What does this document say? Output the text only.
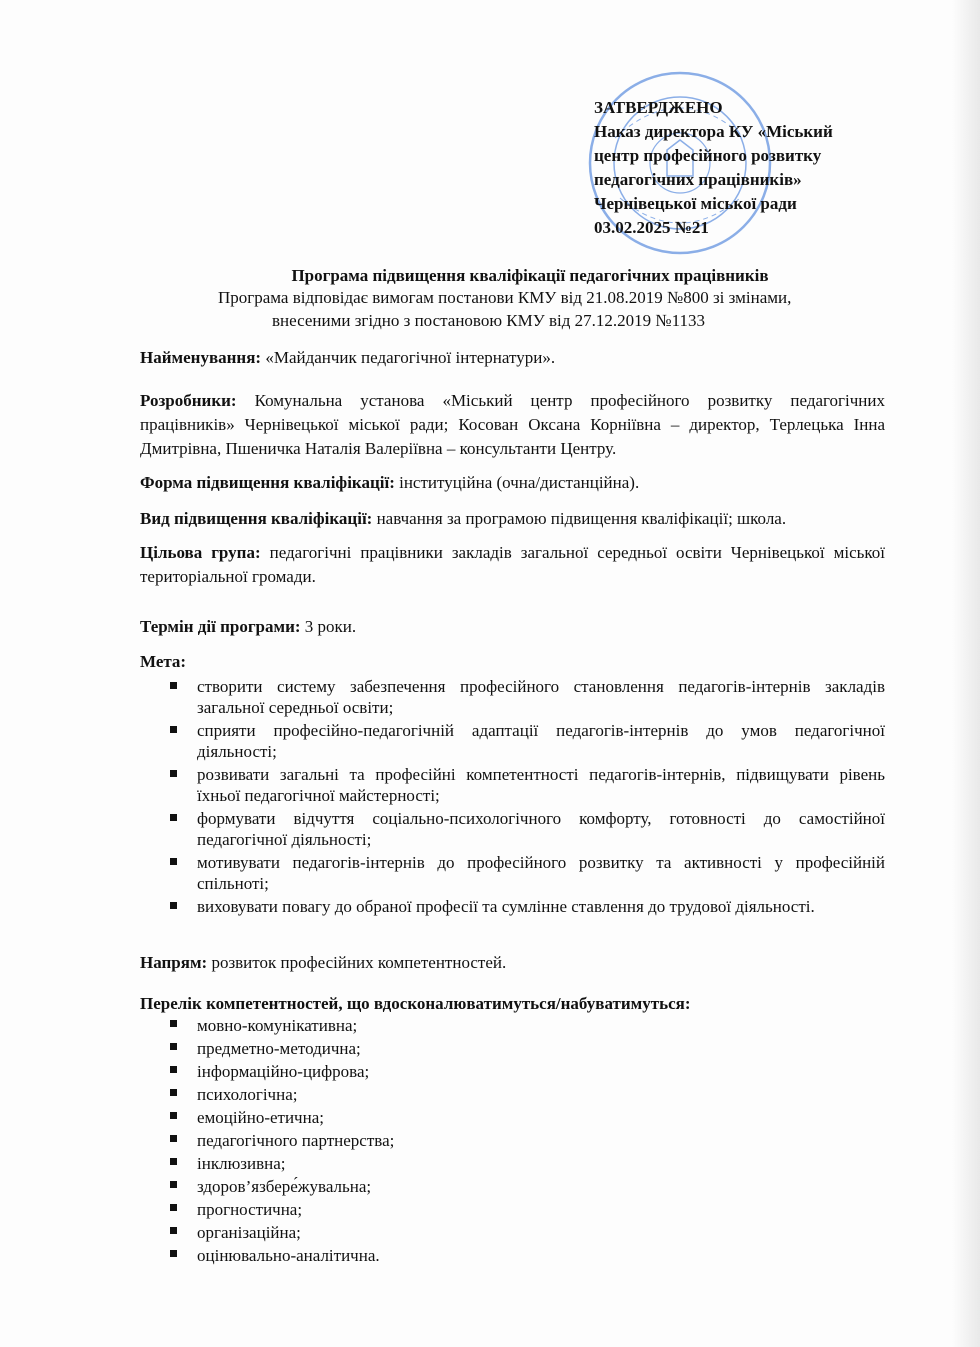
ЗАТВЕРДЖЕНО
Наказ директора КУ «Міський
центр професійного розвитку
педагогічних працівників»
Чернівецької міської ради
03.02.2025 №21
Програма підвищення кваліфікації педагогічних працівників
Програма відповідає вимогам постанови КМУ від 21.08.2019 №800 зі змінами,
внесеними згідно з постановою КМУ від 27.12.2019 №1133
Найменування: «Майданчик педагогічної інтернатури».
Розробники: Комунальна установа «Міський центр професійного розвитку педагогічних працівників» Чернівецької міської ради; Косован Оксана Корніївна – директор, Терлецька Інна Дмитрівна, Пшеничка Наталія Валеріївна – консультанти Центру.
Форма підвищення кваліфікації: інституційна (очна/дистанційна).
Вид підвищення кваліфікації: навчання за програмою підвищення кваліфікації; школа.
Цільова група: педагогічні працівники закладів загальної середньої освіти Чернівецької міської територіальної громади.
Термін дії програми: 3 роки.
Мета:
створити систему забезпечення професійного становлення педагогів-інтернів закладів загальної середньої освіти;
сприяти професійно-педагогічній адаптації педагогів-інтернів до умов педагогічної діяльності;
розвивати загальні та професійні компетентності педагогів-інтернів, підвищувати рівень їхньої педагогічної майстерності;
формувати відчуття соціально-психологічного комфорту, готовності до самостійної педагогічної діяльності;
мотивувати педагогів-інтернів до професійного розвитку та активності у професійній спільноті;
виховувати повагу до обраної професії та сумлінне ставлення до трудової діяльності.
Напрям: розвиток професійних компетентностей.
Перелік компетентностей, що вдосконалюватимуться/набуватимуться:
мовно-комунікативна;
предметно-методична;
інформаційно-цифрова;
психологічна;
емоційно-етична;
педагогічного партнерства;
інклюзивна;
здоров’язбере́жувальна;
прогностична;
організаційна;
оцінювально-аналітична.
